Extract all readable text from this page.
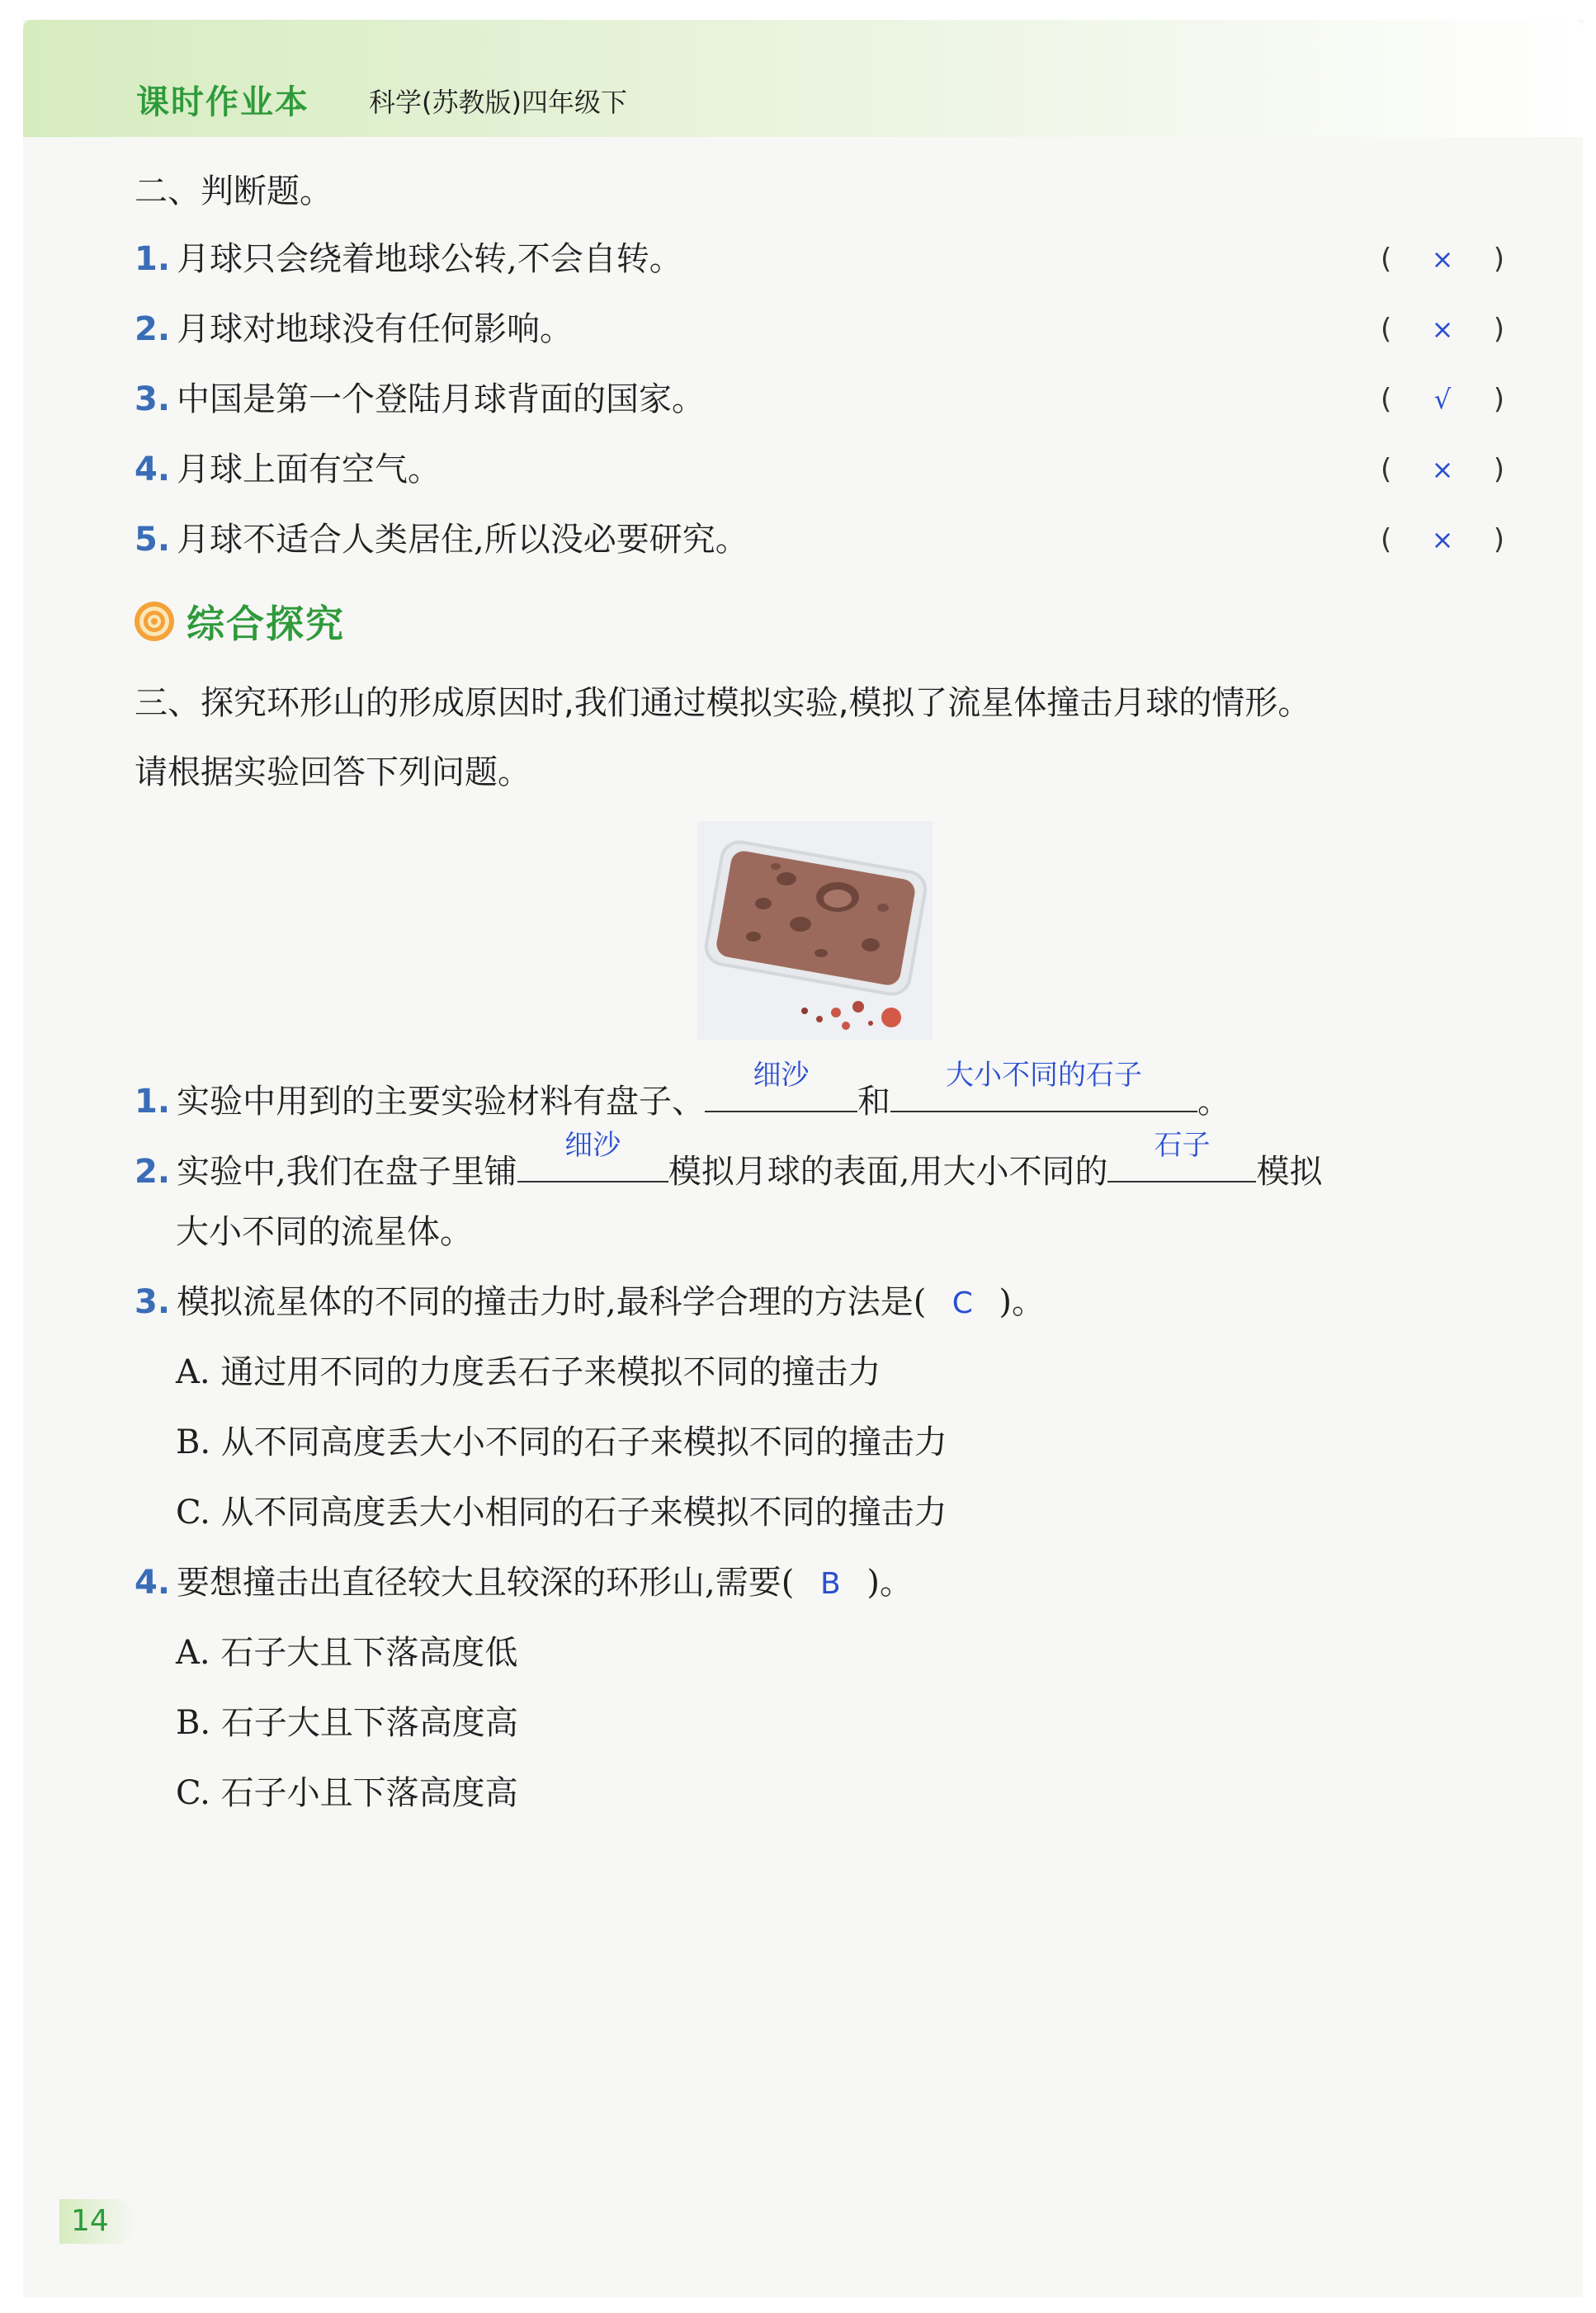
课时作业本 科学(苏教版)四年级下
二、判断题。
1. 月球只会绕着地球公转,不会自转。	(	×	)
2. 月球对地球没有任何影响。	(	×	)
3. 中国是第一个登陆月球背面的国家。	(	√	)
4. 月球上面有空气。	(	×	)
5. 月球不适合人类居住,所以没必要研究。	(	×	)
综合探究
三、探究环形山的形成原因时,我们通过模拟实验,模拟了流星体撞击月球的情形。
请根据实验回答下列问题。
1. 实验中用到的主要实验材料有盘子、
细沙
和
大小不同的石子
。
2. 实验中,我们在盘子里铺
细沙
模拟月球的表面,用大小不同的
石子
模拟
大小不同的流星体。
3. 模拟流星体的不同的撞击力时,最科学合理的方法是( C )。
A. 通过用不同的力度丢石子来模拟不同的撞击力
B. 从不同高度丢大小不同的石子来模拟不同的撞击力
C. 从不同高度丢大小相同的石子来模拟不同的撞击力
4. 要想撞击出直径较大且较深的环形山,需要( B )。
A. 石子大且下落高度低
B. 石子大且下落高度高
C. 石子小且下落高度高
14
